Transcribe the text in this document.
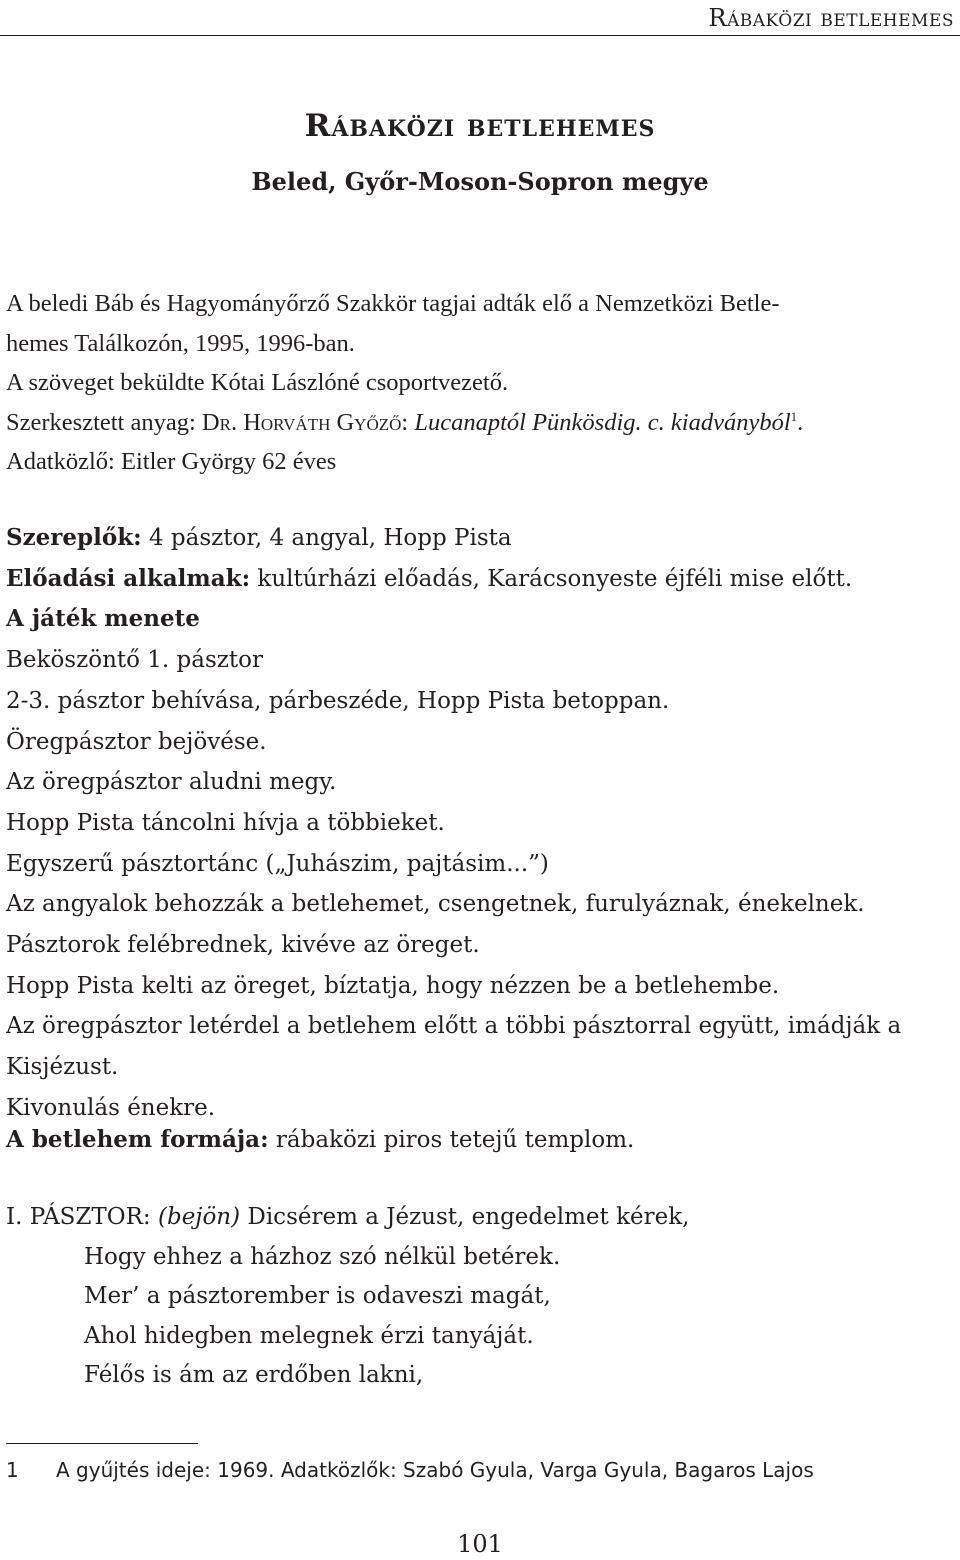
Rábaközi betlehemes
Rábaközi betlehemes
Beled, Győr-Moson-Sopron megye

A beledi Báb és Hagyományőrző Szakkör tagjai adták elő a Nemzetközi Betle-

hemes Találkozón, 1995, 1996-ban.

A szöveget beküldte Kótai Lászlóné csoportvezető.

Szerkesztett anyag: Dr. Horváth Győző: Lucanaptól Pünkösdig. c. kiadványból$^1$.

Adatközlő: Eitler György 62 éves

Szereplők: 4 pásztor, 4 angyal, Hopp Pista

Előadási alkalmak: kultúrházi előadás, Karácsonyeste éjféli mise előtt.

A játék menete

Beköszöntő 1. pásztor

2-3. pásztor behívása, párbeszéde, Hopp Pista betoppan.

Öregpásztor bejövése.

Az öregpásztor aludni megy.

Hopp Pista táncolni hívja a többieket.

Egyszerű pásztortánc („Juhászim, pajtásim...”)

Az angyalok behozzák a betlehemet, csengetnek, furulyáznak, énekelnek.

Pásztorok felébrednek, kivéve az öreget.

Hopp Pista kelti az öreget, bíztatja, hogy nézzen be a betlehembe.

Az öregpásztor letérdel a betlehem előtt a többi pásztorral együtt, imádják a

Kisjézust.

Kivonulás énekre.

A betlehem formája: rábaközi piros tetejű templom.

I. PÁSZTOR: (bejön) Dicsérem a Jézust, engedelmet kérek,

Hogy ehhez a házhoz szó nélkül betérek.

Mer’ a pásztorember is odaveszi magát,

Ahol hidegben melegnek érzi tanyáját.

Félős is ám az erdőben lakni,

1 A gyűjtés ideje: 1969. Adatközlők: Szabó Gyula, Varga Gyula, Bagaros Lajos

101
